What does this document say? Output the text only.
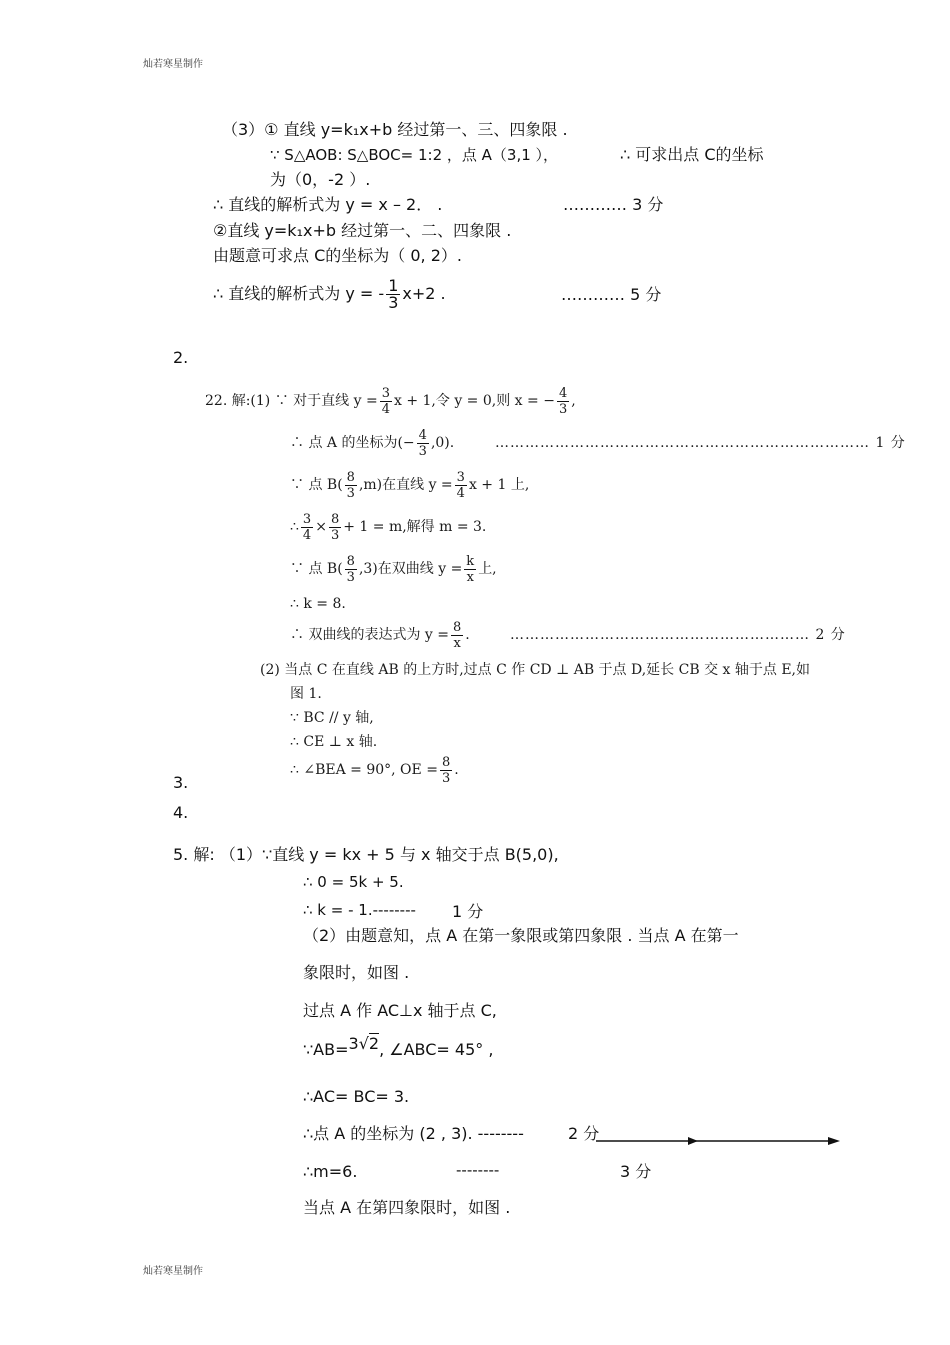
灿若寒星制作
（3）① 直线 y=k₁x+b 经过第一、三、四象限 .
∵ S△AOB: S△BOC= 1:2 ，点 A（3,1 ），	∴ 可求出点 C的坐标
为（0，-2 ）.
∴ 直线的解析式为 y = x – 2． .	………… 3 分
②直线 y=k₁x+b 经过第一、二、四象限 .
由题意可求点 C的坐标为（ 0, 2）.
∴ 直线的解析式为 y = - $\frac{1}{3} x+2$ .	………… 5 分
2.
22. 解:(1) ∵ 对于直线 $y = \frac{3}{4}$ x + 1,令 y = 0,则 x = − $\frac{4}{3}$ ,
∴ 点 A 的坐标为(− $\frac{4}{3} ,0$).	………………………………………………………………… 1 分
∵ 点 $B( \frac{8}{3} ,m)$在直线 $y = \frac{3}{4}$ x + 1 上,
∴ $\frac{3}{4} \times \frac{8}{3} + 1 = m$,解得 m = 3.
∵ 点 $B( \frac{8}{3} ,3)$在双曲线 $y = \frac{k}{x}$ 上,
∴ k = 8.
∴ 双曲线的表达式为 $y = \frac{8}{x}$ .	…………………………………………………… 2 分
(2) 当点 C 在直线 AB 的上方时,过点 C 作 CD ⊥ AB 于点 D,延长 CB 交 x 轴于点 E,如
图 1.
∵ BC // y 轴,
∴ CE ⊥ x 轴.
∴ ∠BEA = 90°, OE = $\frac{8}{3}$ .
3.
4.
5. 解: （1）∵直线 y = kx + 5 与 x 轴交于点 B(5,0),
∴ 0 = 5k + 5.
∴ k = - 1.-------- 1 分
（2）由题意知，点 A 在第一象限或第四象限 . 当点 A 在第一
象限时，如图 .
过点 A 作 AC⊥x 轴于点 C,
∵AB=3√2, ∠ABC= 45° ,
∴AC= BC= 3.
∴点 A 的坐标为 (2 , 3). --------	2 分
∴m=6.	--------	3 分
当点 A 在第四象限时，如图 .
灿若寒星制作
